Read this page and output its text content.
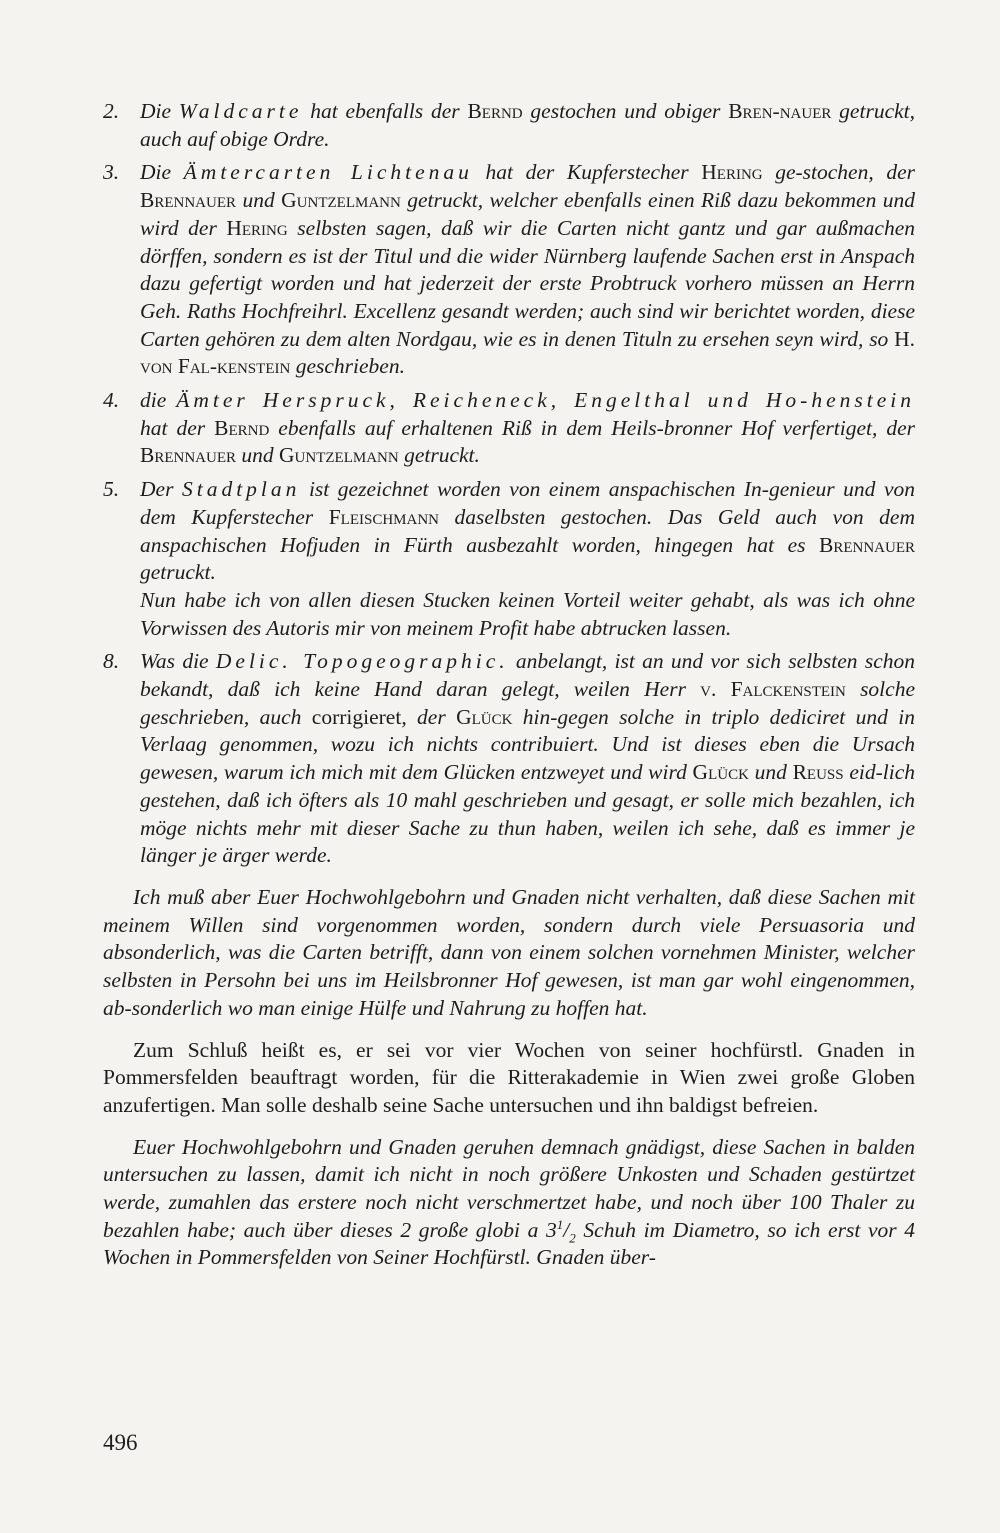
2. Die Waldcarte hat ebenfalls der Bernd gestochen und obiger Bren-nauer getruckt, auch auf obige Ordre.

3. Die Ämtercarten Lichtenau hat der Kupferstecher Hering ge-stochen, der Brennauer und Guntzelmann getruckt, welcher ebenfalls einen Riß dazu bekommen und wird der Hering selbsten sagen, daß wir die Carten nicht gantz und gar außmachen dörffen, sondern es ist der Titul und die wider Nürnberg laufende Sachen erst in Anspach dazu gefertigt worden und hat jederzeit der erste Probtruck vorhero müssen an Herrn Geh. Raths Hochfreihrl. Excellenz gesandt werden; auch sind wir berichtet worden, diese Carten gehören zu dem alten Nordgau, wie es in denen Tituln zu ersehen seyn wird, so H. von Fal-kenstein geschrieben.

4. die Ämter Herspruck, Reicheneck, Engelthal und Ho-henstein hat der Bernd ebenfalls auf erhaltenen Riß in dem Heils-bronner Hof verfertiget, der Brennauer und Guntzelmann getruckt.

5. Der Stadtplan ist gezeichnet worden von einem anspachischen In-genieur und von dem Kupferstecher Fleischmann daselbsten gestochen. Das Geld auch von dem anspachischen Hofjuden in Fürth ausbezahlt worden, hingegen hat es Brennauer getruckt.

Nun habe ich von allen diesen Stucken keinen Vorteil weiter gehabt, als was ich ohne Vorwissen des Autoris mir von meinem Profit habe abtrucken lassen.

8. Was die Delic. Topogeographic. anbelangt, ist an und vor sich selbsten schon bekandt, daß ich keine Hand daran gelegt, weilen Herr v. Falckenstein solche geschrieben, auch corrigieret, der Glück hin-gegen solche in triplo dediciret und in Verlaag genommen, wozu ich nichts contribuiert. Und ist dieses eben die Ursach gewesen, warum ich mich mit dem Glücken entzweyet und wird Glück und Reuss eid-lich gestehen, daß ich öfters als 10 mahl geschrieben und gesagt, er solle mich bezahlen, ich möge nichts mehr mit dieser Sache zu thun haben, weilen ich sehe, daß es immer je länger je ärger werde.

Ich muß aber Euer Hochwohlgebohrn und Gnaden nicht verhalten, daß diese Sachen mit meinem Willen sind vorgenommen worden, sondern durch viele Persuasoria und absonderlich, was die Carten betrifft, dann von einem solchen vornehmen Minister, welcher selbsten in Persohn bei uns im Heilsbronner Hof gewesen, ist man gar wohl eingenommen, ab-sonderlich wo man einige Hülfe und Nahrung zu hoffen hat.

Zum Schluß heißt es, er sei vor vier Wochen von seiner hochfürstl. Gnaden in Pommersfelden beauftragt worden, für die Ritterakademie in Wien zwei große Globen anzufertigen. Man solle deshalb seine Sache untersuchen und ihn baldigst befreien.

Euer Hochwohlgebohrn und Gnaden geruhen demnach gnädigst, diese Sachen in balden untersuchen zu lassen, damit ich nicht in noch größere Unkosten und Schaden gestürtzet werde, zumahlen das erstere noch nicht verschmertzet habe, und noch über 100 Thaler zu bezahlen habe; auch über dieses 2 große globi a $3^1/_2$ Schuh im Diametro, so ich erst vor 4 Wochen in Pommersfelden von Seiner Hochfürstl. Gnaden über-

496
